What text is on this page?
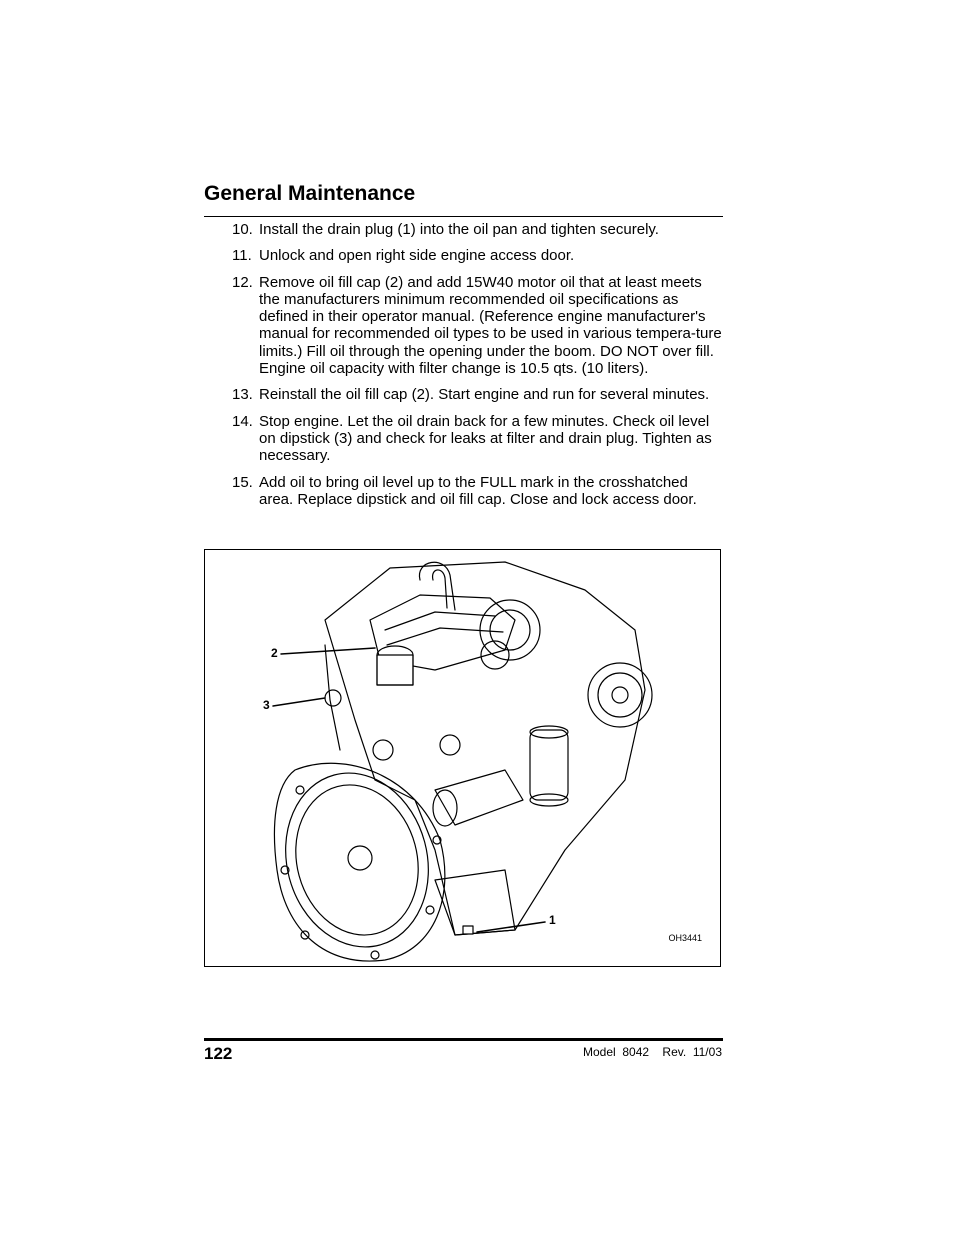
General Maintenance
10. Install the drain plug (1) into the oil pan and tighten securely.
11. Unlock and open right side engine access door.
12. Remove oil fill cap (2) and add 15W40 motor oil that at least meets the manufacturers minimum recommended oil specifications as defined in their operator manual. (Reference engine manufacturer's manual for recommended oil types to be used in various tempera-ture limits.) Fill oil through the opening under the boom. DO NOT over fill. Engine oil capacity with filter change is 10.5 qts. (10 liters).
13. Reinstall the oil fill cap (2). Start engine and run for several minutes.
14. Stop engine. Let the oil drain back for a few minutes. Check oil level on dipstick (3) and check for leaks at filter and drain plug. Tighten as necessary.
15. Add oil to bring oil level up to the FULL mark in the crosshatched area. Replace dipstick and oil fill cap. Close and lock access door.
2
3
1
OH3441
122	Model  8042    Rev.  11/03
